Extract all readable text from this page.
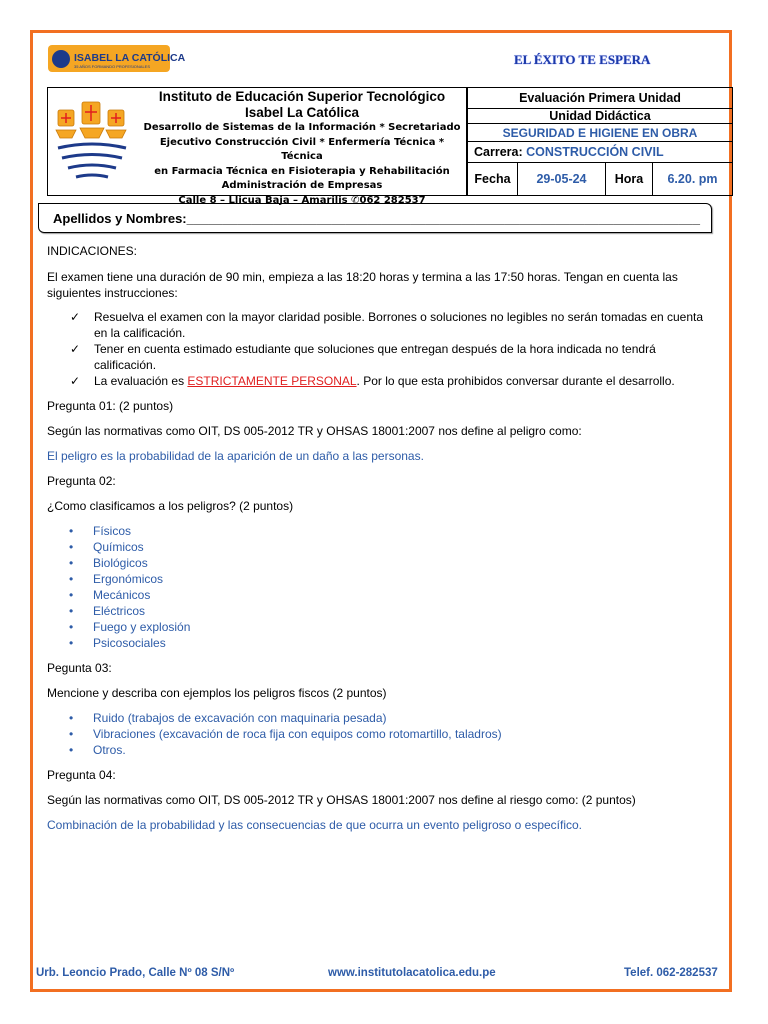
ISABEL LA CATÓLICA
35 AÑOS FORMANDO PROFESIONALES	EL ÉXITO TE ESPERA
Instituto de Educación Superior Tecnológico
Isabel La Católica
Desarrollo de Sistemas de la Información * Secretariado
Ejecutivo Construcción Civil * Enfermería Técnica * Técnica
en Farmacia Técnica en Fisioterapia y Rehabilitación
Administración de Empresas
Calle 8 – Llicua Baja – Amarilis ✆062 282537
Evaluación Primera Unidad
Unidad Didáctica
SEGURIDAD E HIGIENE EN OBRA
Carrera:
CONSTRUCCIÓN CIVIL
Fecha	29-05-24	Hora	6.20. pm
Apellidos y Nombres: _______________________________________________________________________

INDICACIONES:

El examen tiene una duración de 90 min, empieza a las 18:20 horas y termina a las 17:50 horas. Tengan en cuenta las siguientes instrucciones:

✓ Resuelva el examen con la mayor claridad posible. Borrones o soluciones no legibles no serán tomadas en cuenta en la calificación.
✓ Tener en cuenta estimado estudiante que soluciones que entregan después de la hora indicada no tendrá calificación.
✓ La evaluación es ESTRICTAMENTE PERSONAL. Por lo que esta prohibidos conversar durante el desarrollo.

Pregunta 01: (2 puntos)

Según las normativas como OIT, DS 005-2012 TR y OHSAS 18001:2007 nos define al peligro como:

El peligro es la probabilidad de la aparición de un daño a las personas.

Pregunta 02:

¿Como clasificamos a los peligros? (2 puntos)

• Físicos
• Químicos
• Biológicos
• Ergonómicos
• Mecánicos
• Eléctricos
• Fuego y explosión
• Psicosociales

Pegunta 03:

Mencione y describa con ejemplos los peligros fiscos (2 puntos)

• Ruido (trabajos de excavación con maquinaria pesada)
• Vibraciones (excavación de roca fija con equipos como rotomartillo, taladros)
• Otros.

Pregunta 04:

Según las normativas como OIT, DS 005-2012 TR y OHSAS 18001:2007 nos define al riesgo como: (2 puntos)

Combinación de la probabilidad y las consecuencias de que ocurra un evento peligroso o específico.

Urb. Leoncio Prado, Calle Nº 08 S/Nº	www.institutolacatolica.edu.pe	Telef. 062-282537
